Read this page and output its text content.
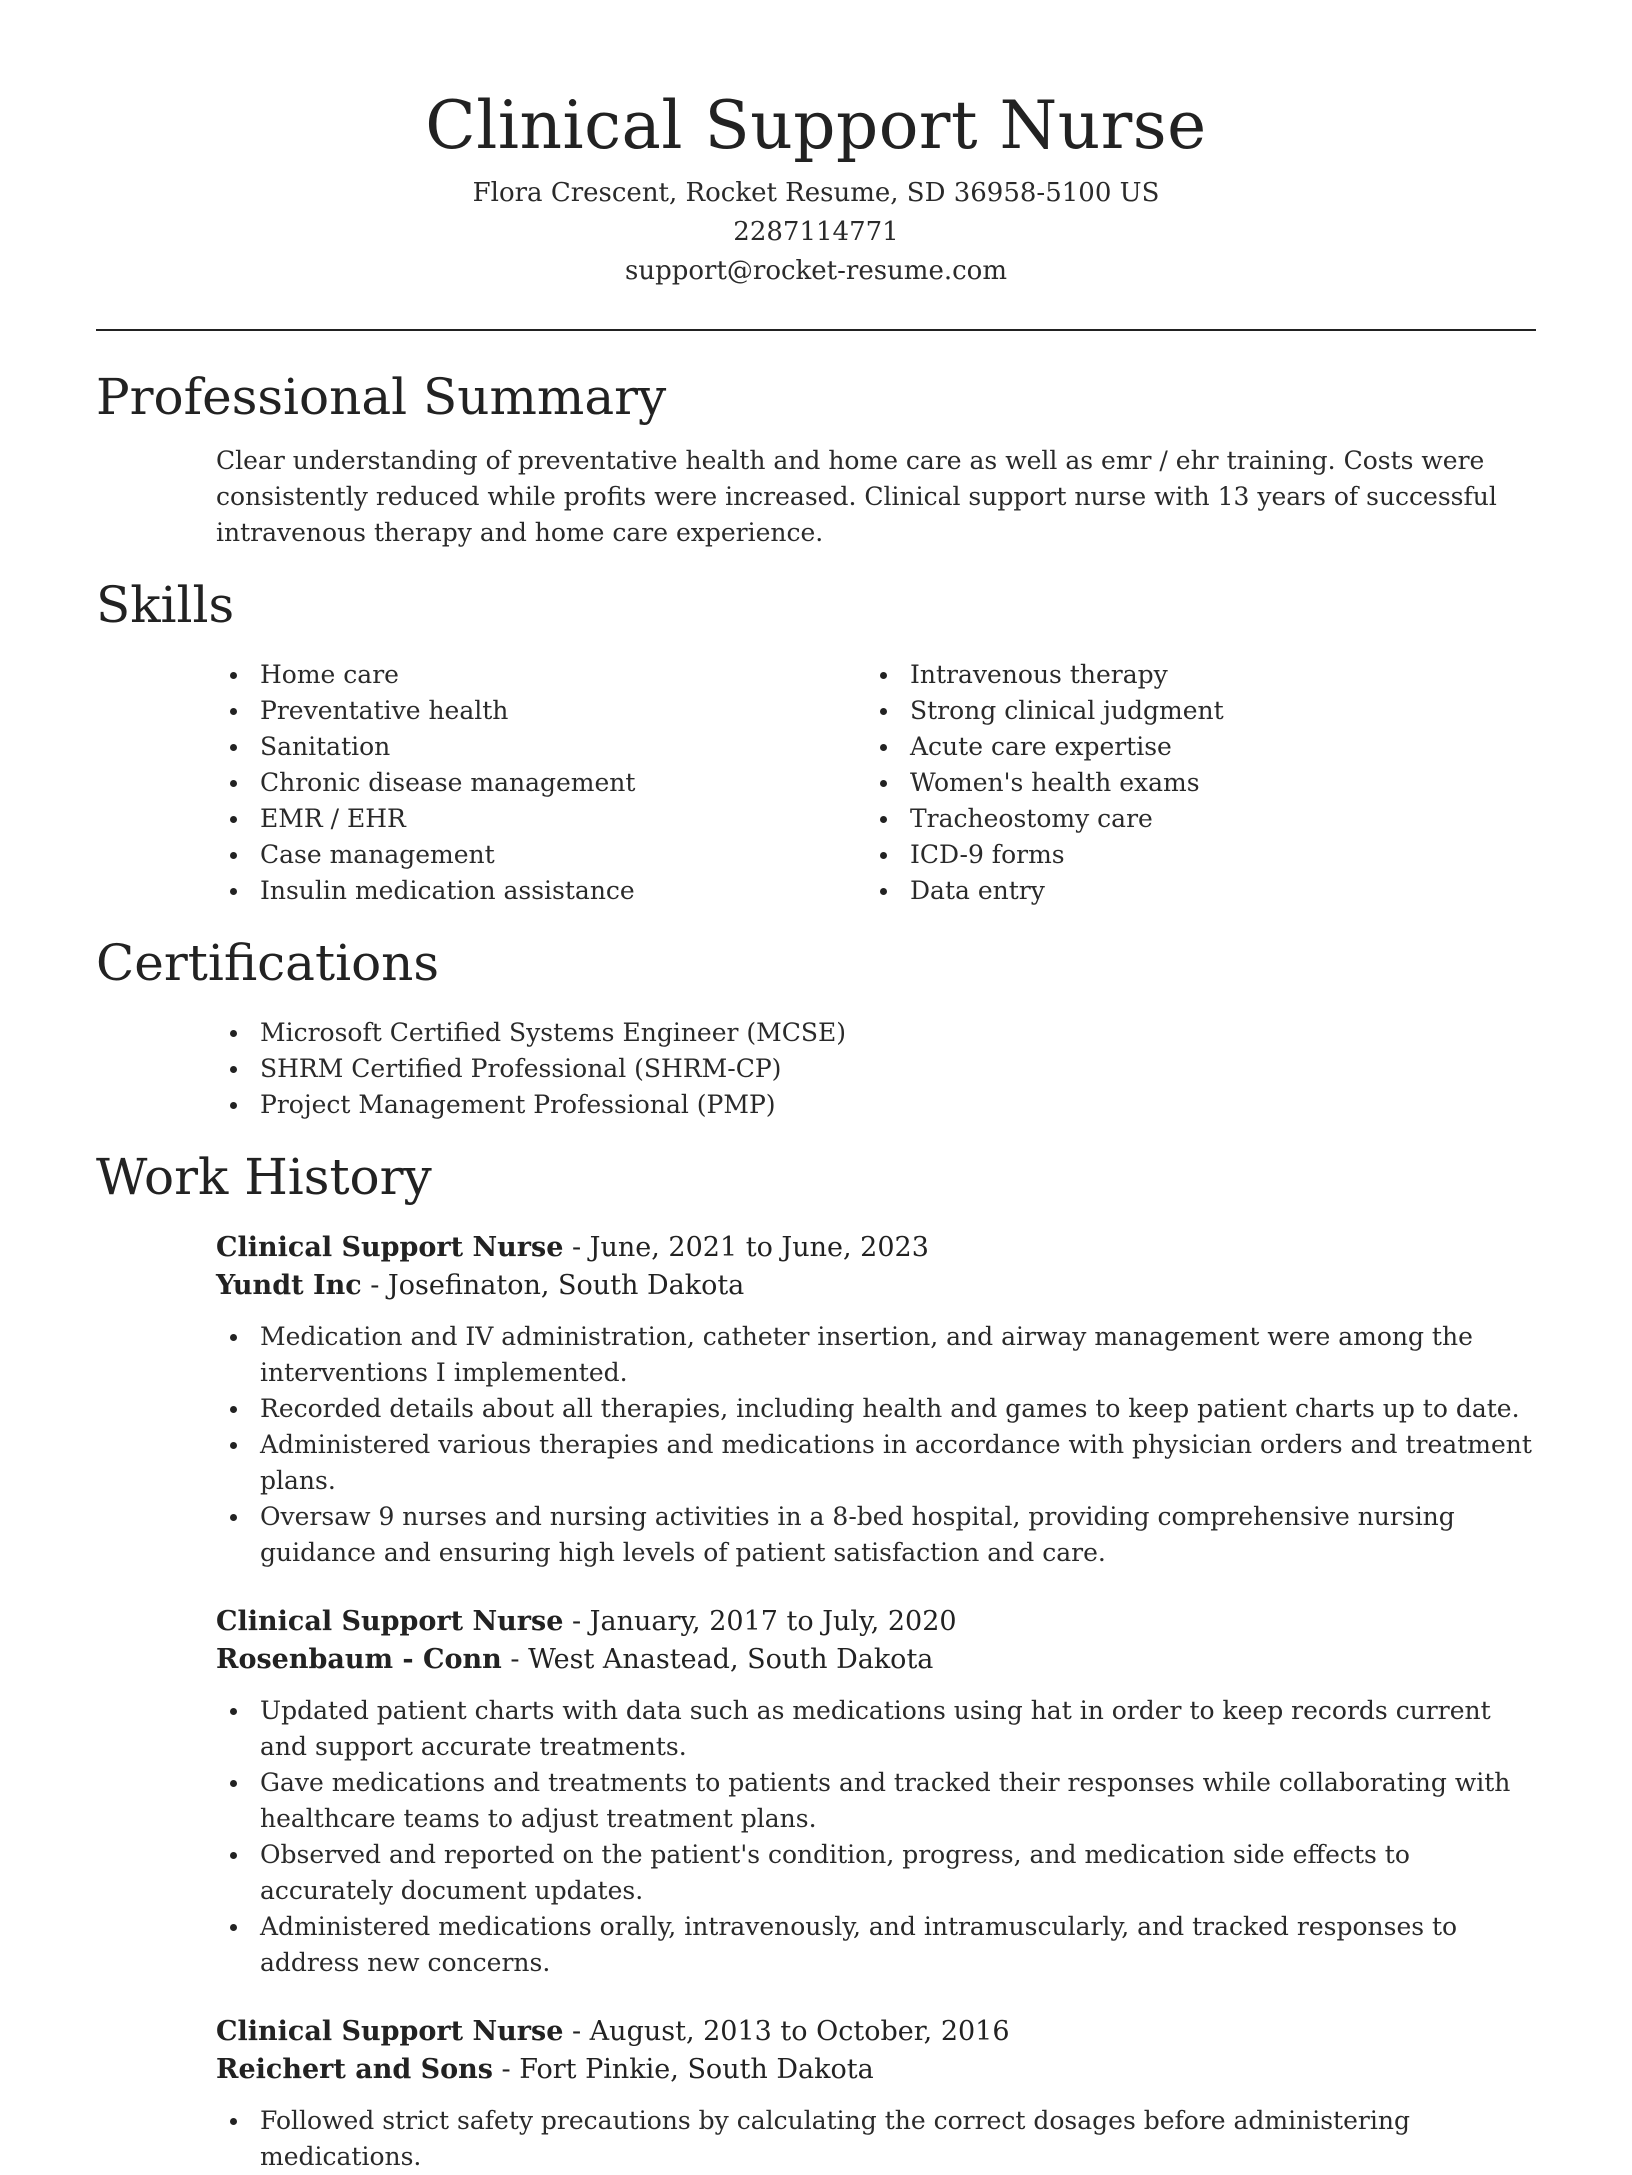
Clinical Support Nurse
Flora Crescent, Rocket Resume, SD 36958-5100 US
2287114771
support@rocket-resume.com
Professional Summary

Clear understanding of preventative health and home care as well as emr / ehr training. Costs were consistently reduced while profits were increased. Clinical support nurse with 13 years of successful intravenous therapy and home care experience.

Skills
Home care
Preventative health
Sanitation
Chronic disease management
EMR / EHR
Case management
Insulin medication assistance
Intravenous therapy
Strong clinical judgment
Acute care expertise
Women's health exams
Tracheostomy care
ICD-9 forms
Data entry
Certifications
Microsoft Certified Systems Engineer (MCSE)
SHRM Certified Professional (SHRM-CP)
Project Management Professional (PMP)
Work History
Clinical Support Nurse - June, 2021 to June, 2023
Yundt Inc - Josefinaton, South Dakota
Medication and IV administration, catheter insertion, and airway management were among the interventions I implemented.
Recorded details about all therapies, including health and games to keep patient charts up to date.
Administered various therapies and medications in accordance with physician orders and treatment plans.
Oversaw 9 nurses and nursing activities in a 8-bed hospital, providing comprehensive nursing guidance and ensuring high levels of patient satisfaction and care.
Clinical Support Nurse - January, 2017 to July, 2020
Rosenbaum - Conn - West Anastead, South Dakota
Updated patient charts with data such as medications using hat in order to keep records current and support accurate treatments.
Gave medications and treatments to patients and tracked their responses while collaborating with healthcare teams to adjust treatment plans.
Observed and reported on the patient's condition, progress, and medication side effects to accurately document updates.
Administered medications orally, intravenously, and intramuscularly, and tracked responses to address new concerns.
Clinical Support Nurse - August, 2013 to October, 2016
Reichert and Sons - Fort Pinkie, South Dakota
Followed strict safety precautions by calculating the correct dosages before administering medications.
